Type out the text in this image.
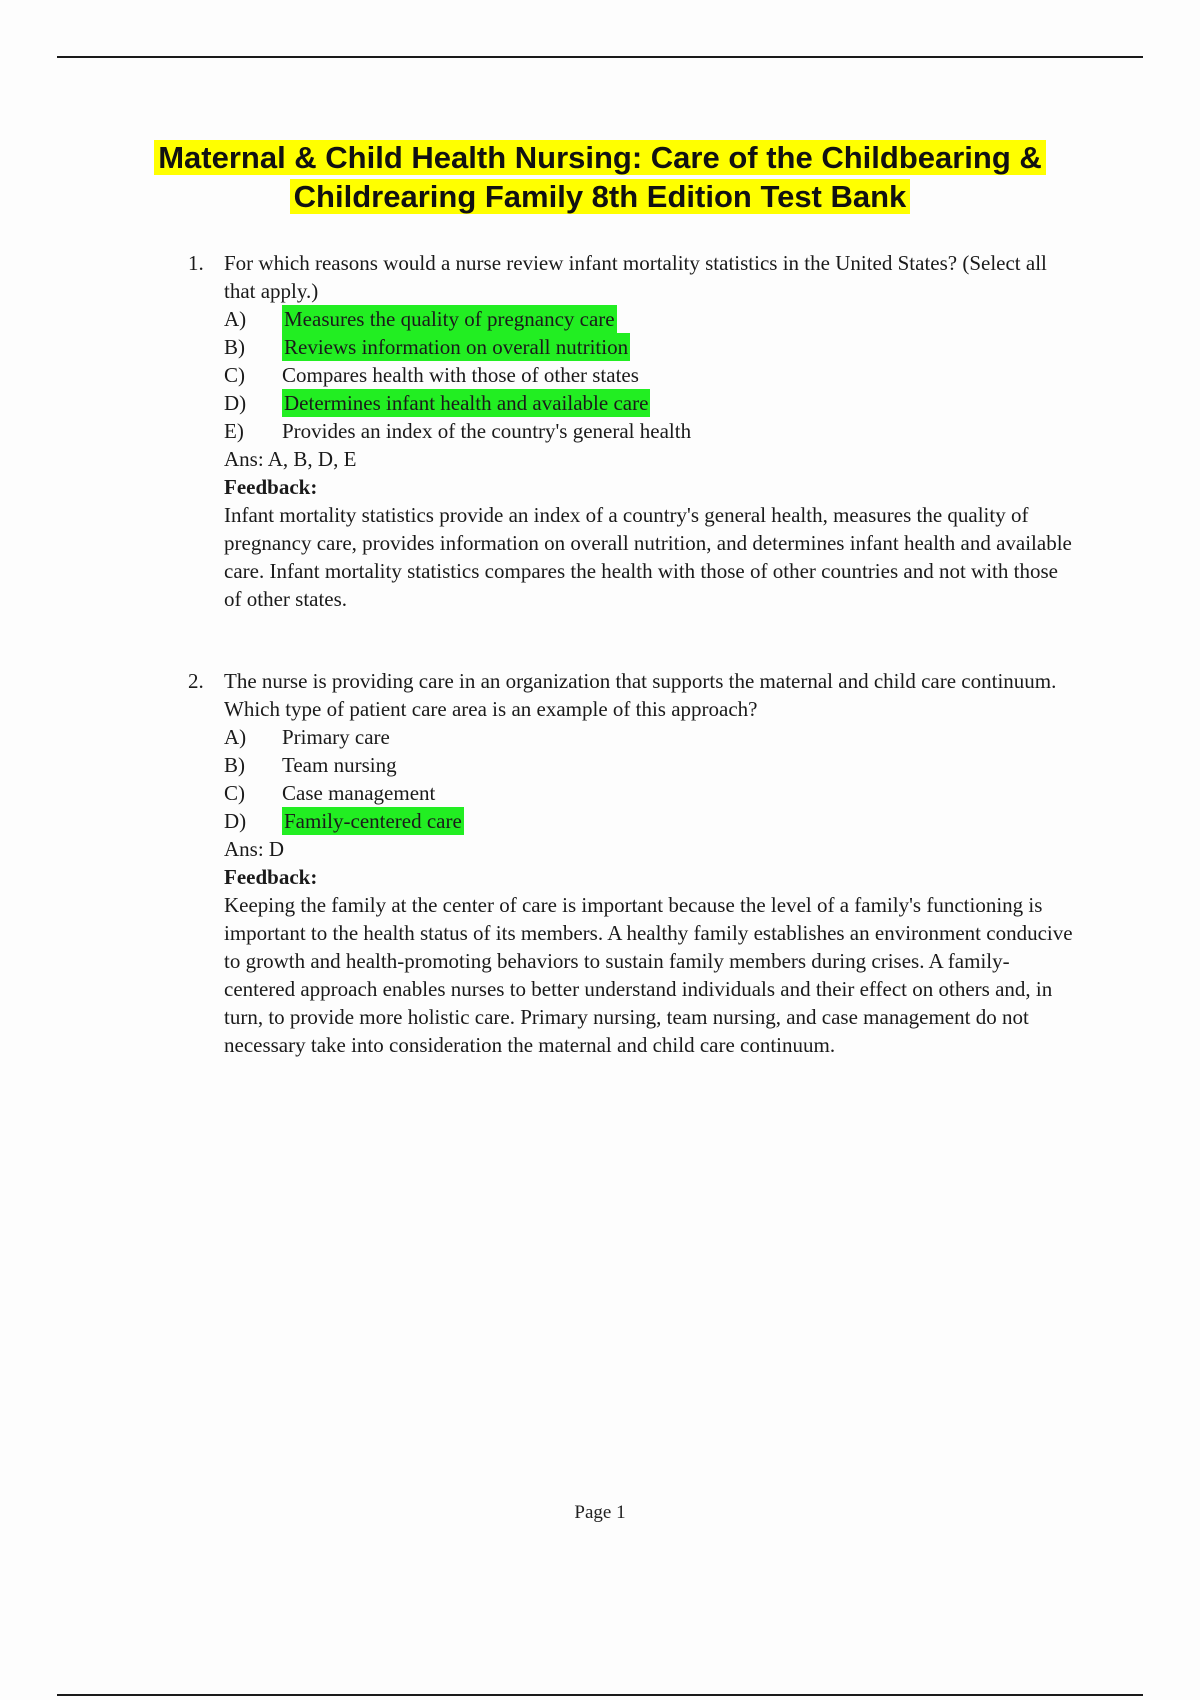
Maternal & Child Health Nursing: Care of the Childbearing & Childrearing Family 8th Edition Test Bank
1. For which reasons would a nurse review infant mortality statistics in the United States? (Select all that apply.)

A)	Measures the quality of pregnancy care
B)	Reviews information on overall nutrition
C)	Compares health with those of other states
D)	Determines infant health and available care
E)	Provides an index of the country's general health

Ans: A, B, D, E

Feedback:

Infant mortality statistics provide an index of a country's general health, measures the quality of pregnancy care, provides information on overall nutrition, and determines infant health and available care. Infant mortality statistics compares the health with those of other countries and not with those of other states.

2. The nurse is providing care in an organization that supports the maternal and child care continuum. Which type of patient care area is an example of this approach?

A)	Primary care
B)	Team nursing
C)	Case management
D)	Family-centered care

Ans: D

Feedback:

Keeping the family at the center of care is important because the level of a family's functioning is important to the health status of its members. A healthy family establishes an environment conducive to growth and health-promoting behaviors to sustain family members during crises. A family-centered approach enables nurses to better understand individuals and their effect on others and, in turn, to provide more holistic care. Primary nursing, team nursing, and case management do not necessary take into consideration the maternal and child care continuum.

Page 1
